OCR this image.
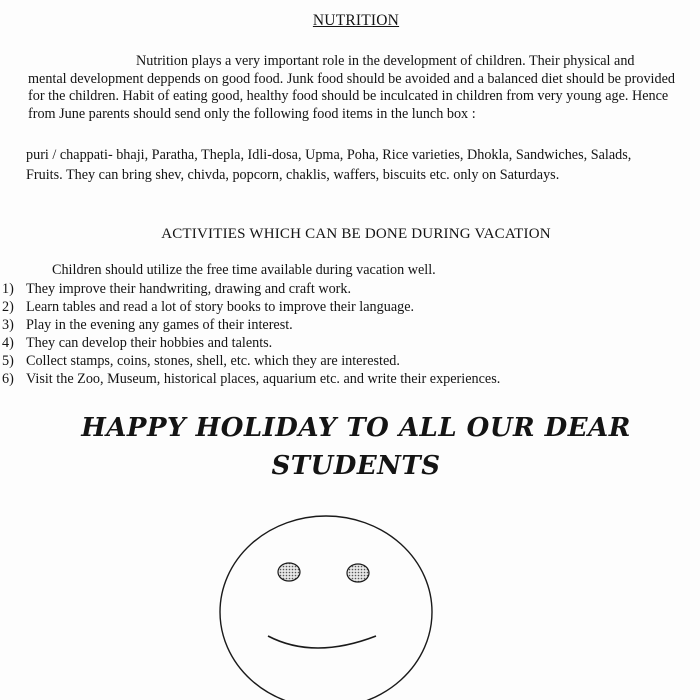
NUTRITION
Nutrition plays a very important role in the development of children. Their physical and mental development deppends on good food. Junk food should be avoided and a balanced diet should be provided for the children. Habit of eating good, healthy food should be inculcated in children from very young age. Hence from June parents should send only the following food items in the lunch box :
puri / chappati- bhaji, Paratha, Thepla, Idli-dosa, Upma, Poha, Rice varieties, Dhokla, Sandwiches, Salads, Fruits. They can bring shev, chivda, popcorn, chaklis, waffers, biscuits etc. only on Saturdays.
ACTIVITIES WHICH CAN BE DONE DURING VACATION
Children should utilize the free time available during vacation well.
1) They improve their handwriting, drawing and craft work.
2) Learn tables and read a lot of story books to improve their language.
3) Play in the evening any games of their interest.
4) They can develop their hobbies and talents.
5) Collect stamps, coins, stones, shell, etc. which they are interested.
6) Visit the Zoo, Museum, historical places, aquarium etc. and write their experiences.
HAPPY HOLIDAY TO ALL OUR DEAR
STUDENTS
